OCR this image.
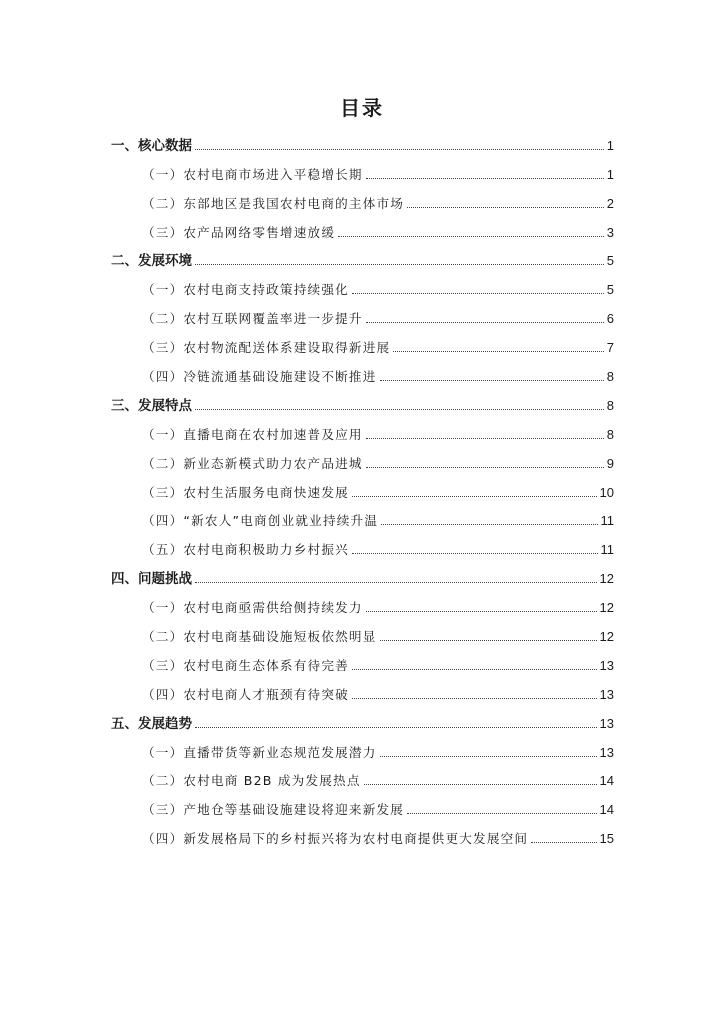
目录
一、核心数据	1
（一）农村电商市场进入平稳增长期	1
（二）东部地区是我国农村电商的主体市场	2
（三）农产品网络零售增速放缓	3
二、发展环境	5
（一）农村电商支持政策持续强化	5
（二）农村互联网覆盖率进一步提升	6
（三）农村物流配送体系建设取得新进展	7
（四）冷链流通基础设施建设不断推进	8
三、发展特点	8
（一）直播电商在农村加速普及应用	8
（二）新业态新模式助力农产品进城	9
（三）农村生活服务电商快速发展	10
（四）“新农人”电商创业就业持续升温	11
（五）农村电商积极助力乡村振兴	11
四、问题挑战	12
（一）农村电商亟需供给侧持续发力	12
（二）农村电商基础设施短板依然明显	12
（三）农村电商生态体系有待完善	13
（四）农村电商人才瓶颈有待突破	13
五、发展趋势	13
（一）直播带货等新业态规范发展潜力	13
（二）农村电商 B2B 成为发展热点	14
（三）产地仓等基础设施建设将迎来新发展	14
（四）新发展格局下的乡村振兴将为农村电商提供更大发展空间	15
